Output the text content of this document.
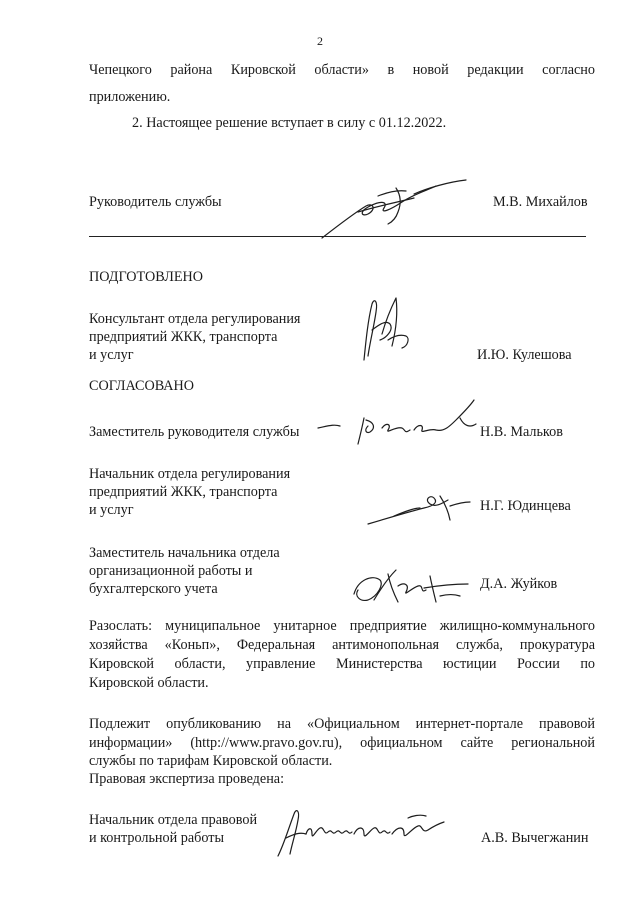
2
Чепецкого района Кировской области» в новой редакции согласно
приложению.
2. Настоящее решение вступает в силу с 01.12.2022.
Руководитель службы	М.В. Михайлов
ПОДГОТОВЛЕНО
Консультант отдела регулирования
предприятий ЖКК, транспорта
и услуг	И.Ю. Кулешова
СОГЛАСОВАНО
Заместитель руководителя службы	Н.В. Мальков
Начальник отдела регулирования
предприятий ЖКК, транспорта
и услуг	Н.Г. Юдинцева
Заместитель начальника отдела
организационной работы и
бухгалтерского учета	Д.А. Жуйков
Разослать: муниципальное унитарное предприятие жилищно-коммунального
хозяйства «Коньп», Федеральная антимонопольная служба, прокуратура
Кировской области, управление Министерства юстиции России по
Кировской области.
Подлежит опубликованию на «Официальном интернет-портале правовой
информации» (http://www.pravo.gov.ru), официальном сайте региональной
службы по тарифам Кировской области.
Правовая экспертиза проведена:
Начальник отдела правовой
и контрольной работы	А.В. Вычегжанин
